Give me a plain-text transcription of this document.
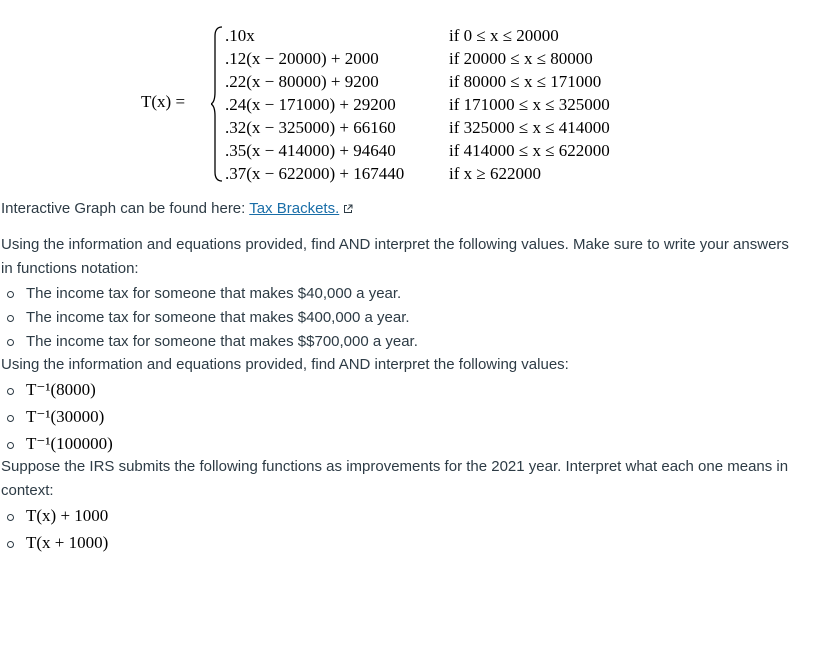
T(x) =
.10x	if 0 ≤ x ≤ 20000
.12(x − 20000) + 2000	if 20000 ≤ x ≤ 80000
.22(x − 80000) + 9200	if 80000 ≤ x ≤ 171000
.24(x − 171000) + 29200	if 171000 ≤ x ≤ 325000
.32(x − 325000) + 66160	if 325000 ≤ x ≤ 414000
.35(x − 414000) + 94640	if 414000 ≤ x ≤ 622000
.37(x − 622000) + 167440	if x ≥ 622000

Interactive Graph can be found here: Tax Brackets.

Using the information and equations provided, find AND interpret the following values. Make sure to write your answers in functions notation:

The income tax for someone that makes $40,000 a year.
The income tax for someone that makes $400,000 a year.
The income tax for someone that makes $$700,000 a year.

Using the information and equations provided, find AND interpret the following values:

T⁻¹(8000)
T⁻¹(30000)
T⁻¹(100000)

Suppose the IRS submits the following functions as improvements for the 2021 year. Interpret what each one means in context:

T(x) + 1000
T(x + 1000)
